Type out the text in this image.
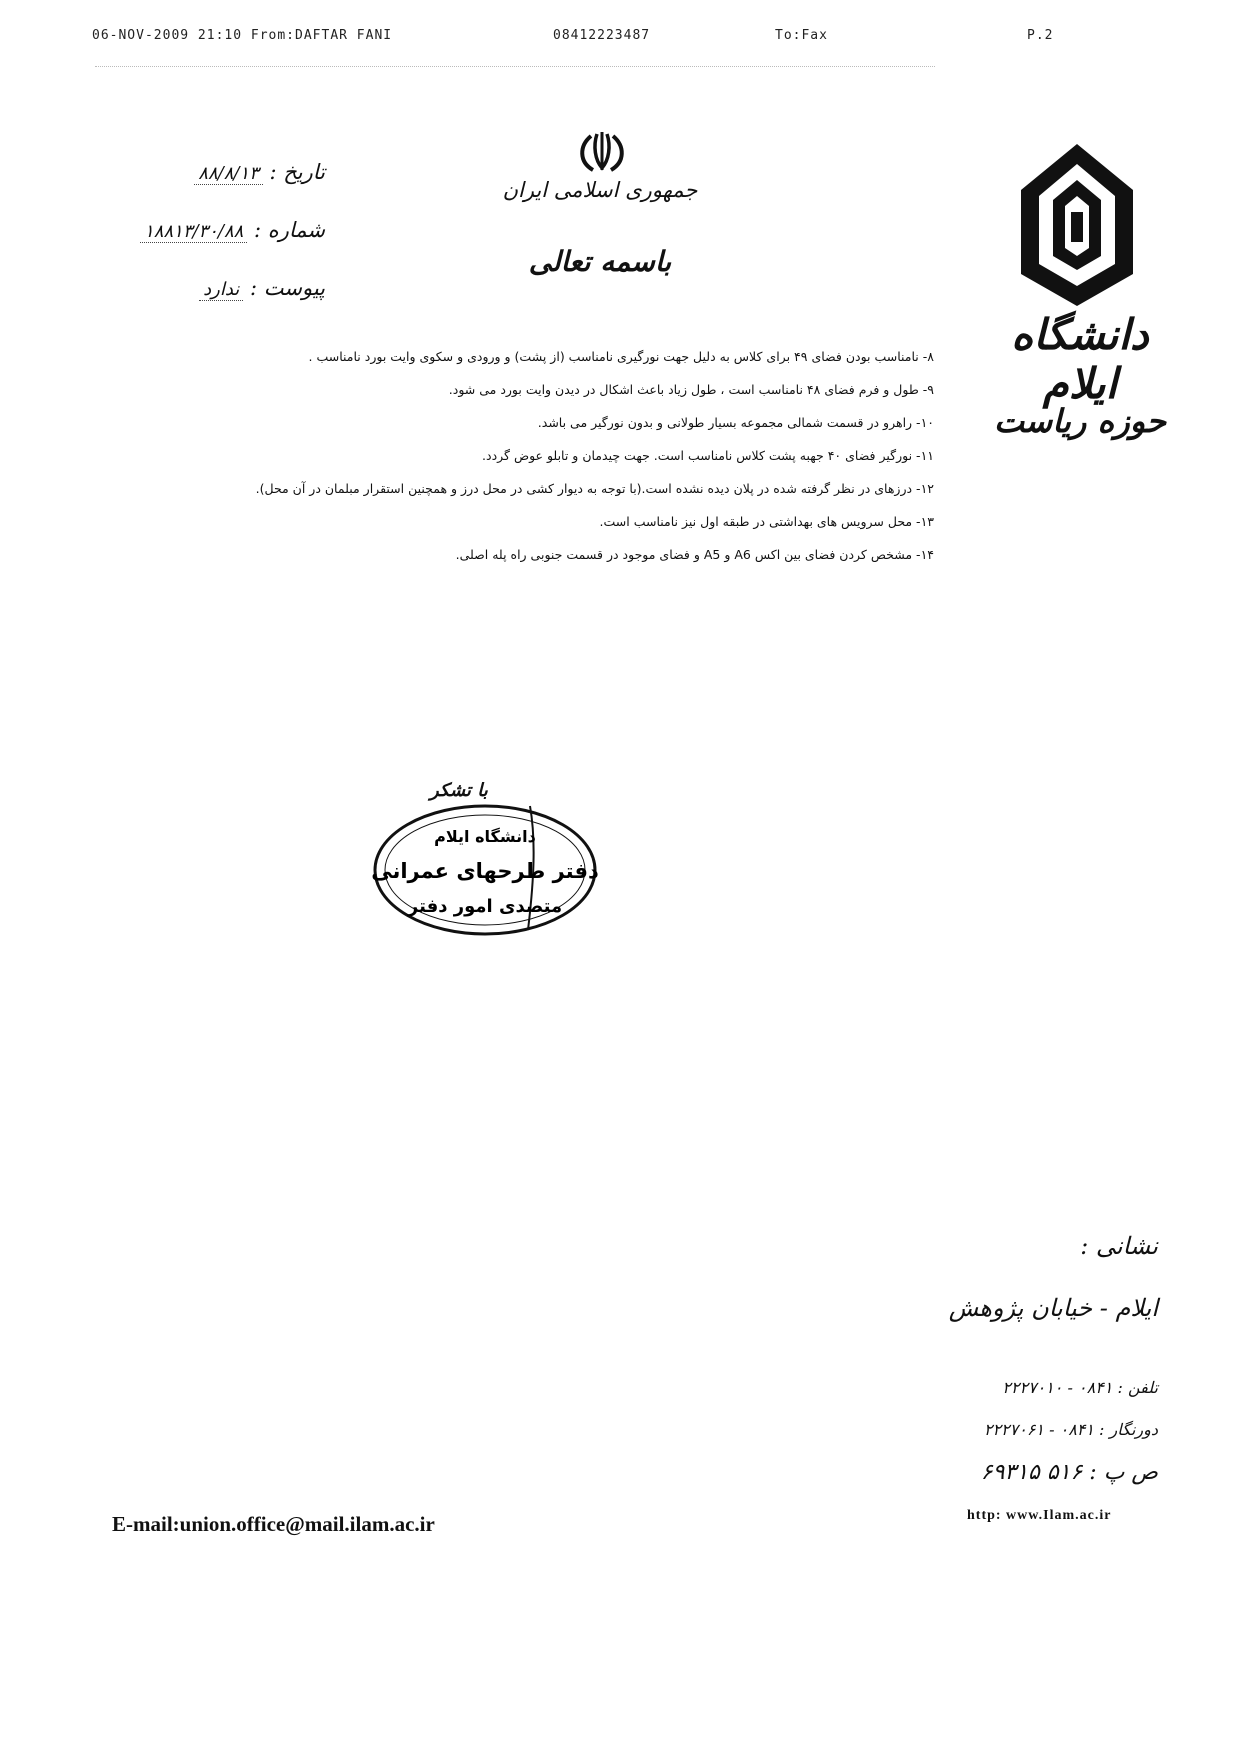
06-NOV-2009 21:10 From:DAFTAR FANI	08412223487	To:Fax	P.2
جمهوری اسلامی ایران
باسمه تعالی
تاریخ : ۸۸/۸/۱۳
شماره : ۱۸۸۱۳/۳۰/۸۸
پیوست : ندارد
دانشگاه ایلام
حوزه ریاست
۸- نامناسب بودن فضای ۴۹ برای کلاس به دلیل جهت نورگیری نامناسب (از پشت) و ورودی و سکوی وایت بورد نامناسب .
۹- طول و فرم فضای ۴۸ نامناسب است ، طول زیاد باعث اشکال در دیدن وایت بورد می شود.
۱۰- راهرو در قسمت شمالی مجموعه بسیار طولانی و بدون نورگیر می باشد.
۱۱- نورگیر فضای ۴۰ جهبه پشت کلاس نامناسب است. جهت چیدمان و تابلو عوض گردد.
۱۲- درزهای در نظر گرفته شده در پلان دیده نشده است.(با توجه به دیوار کشی در محل درز و همچنین استقرار مبلمان در آن محل).
۱۳- محل سرویس های بهداشتی در طبقه اول نیز نامناسب است.
۱۴- مشخص کردن فضای بین اکس A6 و A5 و فضای موجود در قسمت جنوبی راه پله اصلی.
با تشکر
دانشگاه ایلام
دفتر طرحهای عمرانی
متصدی امور دفتر
نشانی :
ایلام - خیابان پژوهش
تلفن : ۰۸۴۱ - ۲۲۲۷۰۱۰
دورنگار : ۰۸۴۱ - ۲۲۲۷۰۶۱
ص پ : ۵۱۶ ۶۹۳۱۵
E-mail:union.office@mail.ilam.ac.ir	http: www.Ilam.ac.ir
